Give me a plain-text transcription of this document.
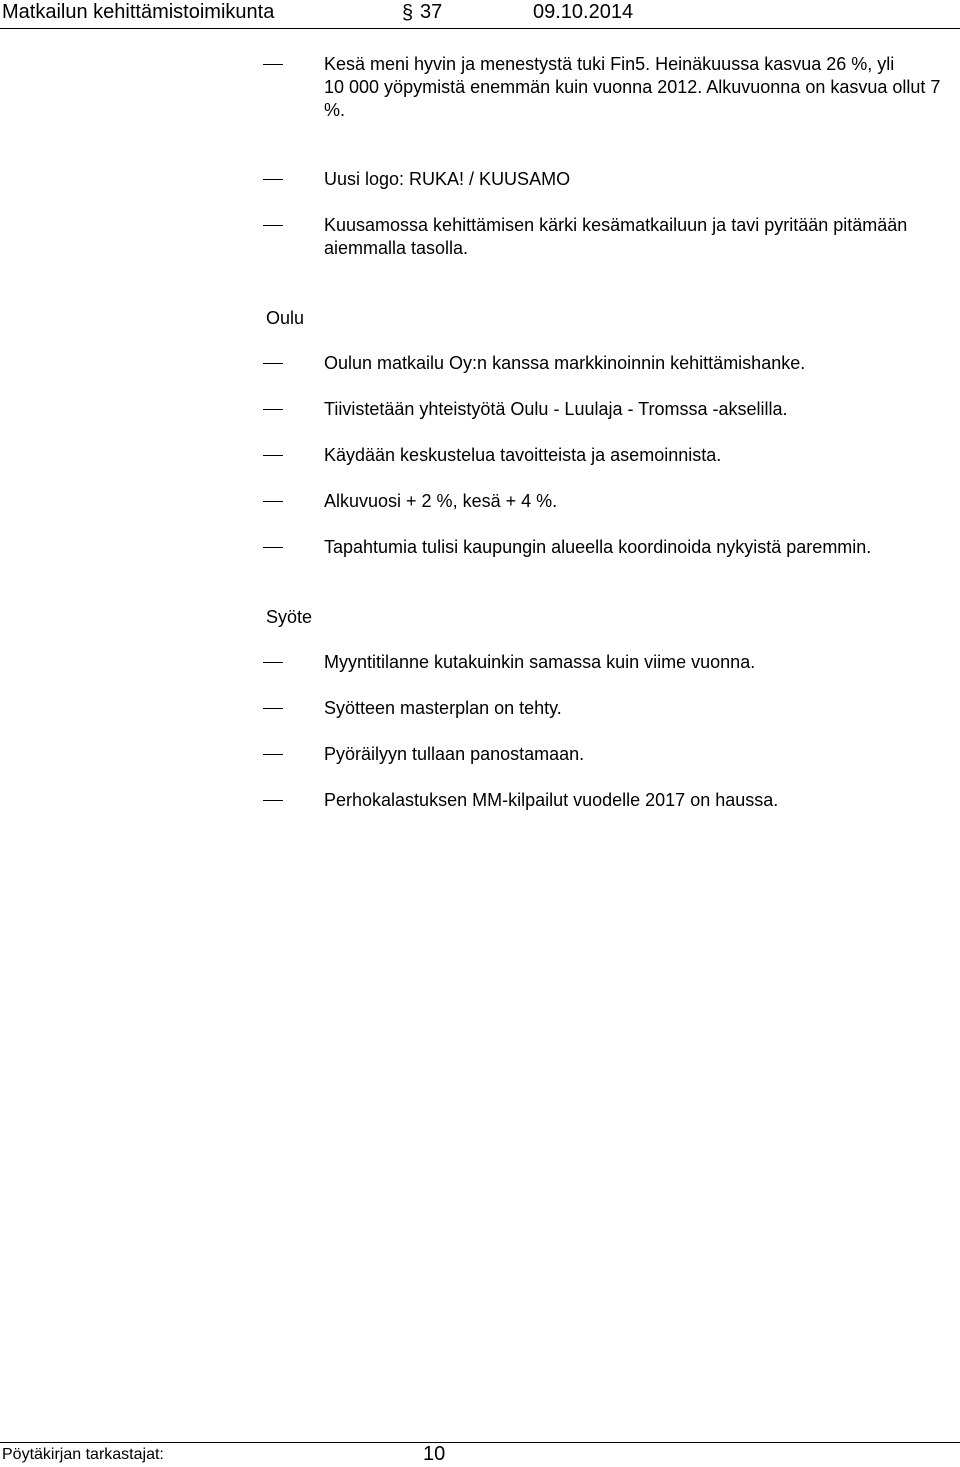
Matkailun kehittämistoimikunta	§ 37	09.10.2014
Kesä meni hyvin ja menestystä tuki Fin5. Heinäkuussa kasvua 26 %, yli
10 000 yöpymistä enemmän kuin vuonna 2012. Alkuvuonna on kasvua ollut 7 %.
Uusi logo: RUKA! / KUUSAMO
Kuusamossa kehittämisen kärki kesämatkailuun ja tavi pyritään pitämään aiemmalla tasolla.
Oulu
Oulun matkailu Oy:n kanssa markkinoinnin kehittämishanke.
Tiivistetään yhteistyötä Oulu - Luulaja - Tromssa -akselilla.
Käydään keskustelua tavoitteista ja asemoinnista.
Alkuvuosi + 2 %, kesä + 4 %.
Tapahtumia tulisi kaupungin alueella koordinoida nykyistä paremmin.
Syöte
Myyntitilanne kutakuinkin samassa kuin viime vuonna.
Syötteen masterplan on tehty.
Pyöräilyyn tullaan panostamaan.
Perhokalastuksen MM-kilpailut vuodelle 2017 on haussa.
Pöytäkirjan tarkastajat:	10
